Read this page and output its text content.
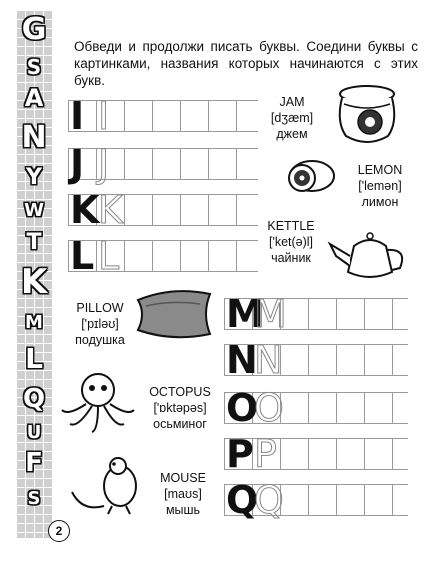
G
S
A
N
Y
W
T
K
M
L
Q
U
F
S
2
Обведи и продолжи писать буквы. Соедини буквы с картинками, названия которых начинаются с этих букв.
I I
J J
K
K
L L
M
M
N
N
O
O
P P
Q
Q
JAM
[dʒæm]
джем
LEMON
['lemən]
лимон
KETTLE
['ket(ə)l]
чайник
PILLOW
['pɪləʊ]
подушка
OCTOPUS
['ɒktəpəs]
осьминог
MOUSE
[maʊs]
мышь
